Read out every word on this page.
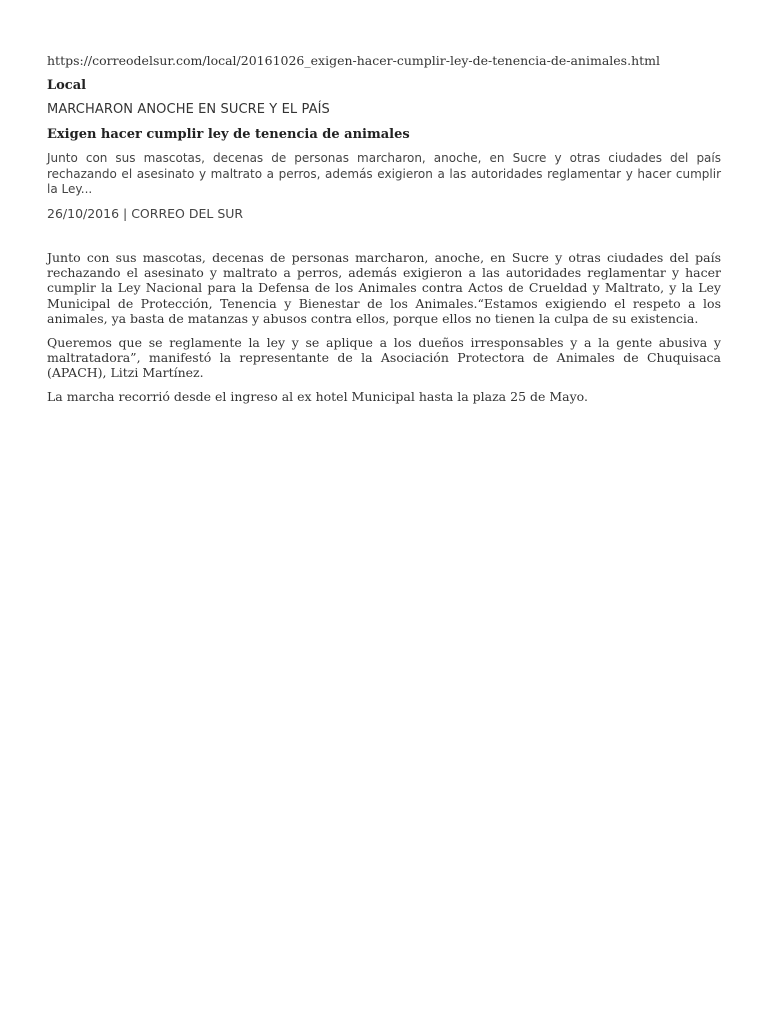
https://correodelsur.com/local/20161026_exigen-hacer-cumplir-ley-de-tenencia-de-animales.html
Local
MARCHARON ANOCHE EN SUCRE Y EL PAÍS
Exigen hacer cumplir ley de tenencia de animales
Junto con sus mascotas, decenas de personas marcharon, anoche, en Sucre y otras ciudades del país rechazando el asesinato y maltrato a perros, además exigieron a las autoridades reglamentar y hacer cumplir la Ley...
26/10/2016 | CORREO DEL SUR

Junto con sus mascotas, decenas de personas marcharon, anoche, en Sucre y otras ciudades del país rechazando el asesinato y maltrato a perros, además exigieron a las autoridades reglamentar y hacer cumplir la Ley Nacional para la Defensa de los Animales contra Actos de Crueldad y Maltrato, y la Ley Municipal de Protección, Tenencia y Bienestar de los Animales.“Estamos exigiendo el respeto a los animales, ya basta de matanzas y abusos contra ellos, porque ellos no tienen la culpa de su existencia.

Queremos que se reglamente la ley y se aplique a los dueños irresponsables y a la gente abusiva y maltratadora”, manifestó la representante de la Asociación Protectora de Animales de Chuquisaca (APACH), Litzi Martínez.

La marcha recorrió desde el ingreso al ex hotel Municipal hasta la plaza 25 de Mayo.
